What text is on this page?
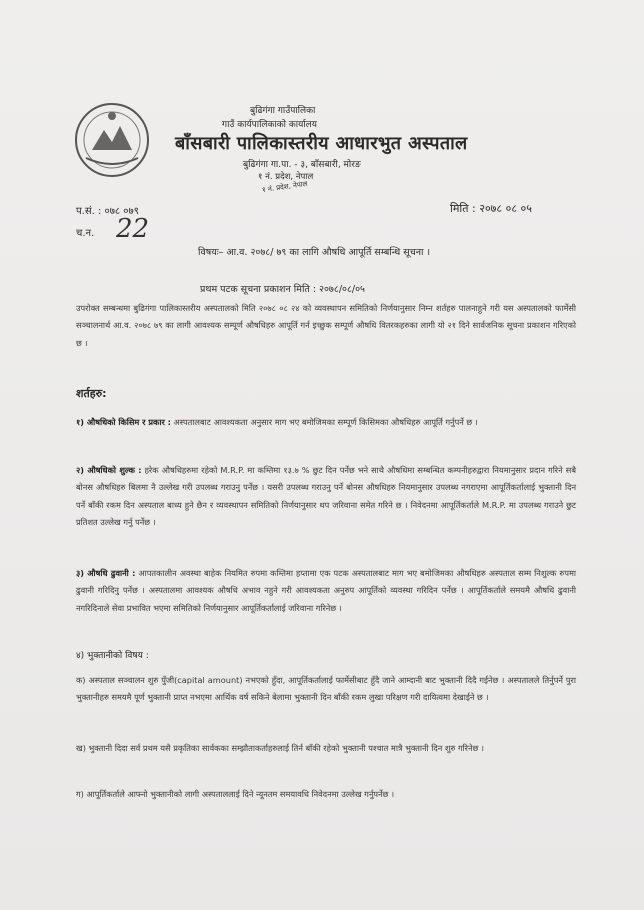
बुढिगंगा गाउँपालिका
गाउँ कार्यपालिकाको कार्यालय
बाँसबारी पालिकास्तरीय आधारभुत अस्पताल
बुढिगंगा गा.पा. - ३, बाँसबारी, मोरङ
१ नं. प्रदेश, नेपाल
१ नं. प्रदेश, नेपाल
प.सं. : ०७८ ०७९	मिति : २०७८ ०८ ०५
च.न. 22
विषयः– आ.व. २०७८/ ७९ का लागि औषधि आपूर्ति सम्बन्धि सूचना ।
प्रथम पटक सूचना प्रकाशन मिति : २०७८/०८/०५
उपरोक्त सम्बन्धमा बुढिगंगा पालिकास्तरीय अस्पतालको मिति २०७८ ०८ २४ को व्यवस्थापन समितिको निर्णयानुसार निम्न शर्तहरु पालनाहुने गरी यस अस्पतालको फार्मेसी सञ्चालनार्थ आ.व. २०७८ ७९ का लागी आवश्यक सम्पूर्ण औषधिहरु आपूर्ति गर्न इच्छुक सम्पूर्ण औषधि वितरकहरुका लागी यो २१ दिने सार्वजनिक सूचना प्रकाशन गरिएको छ ।
शर्तहरु:
१) औषधिको किसिम र प्रकार : अस्पतालबाट आवश्यकता अनुसार माग भए बमोजिमका सम्पूर्ण किसिमका औषधिहरु आपूर्ति गर्नुपर्ने छ ।
२) औषधिको शुल्क : हरेक औषधिहरुमा रहेको M.R.P. मा कम्तिमा १३.७ % छुट दिन पर्नेछ भने साथै औषधिमा सम्बन्धित कम्पनीहरुद्वारा नियमानुसार प्रदान गरिने सबै बोनस औषधिहरु बिलमा नै उल्लेख गरी उपलब्ध गराउनु पर्नेछ । यसरी उपलब्ध गराउनु पर्ने बोनस औषधिहरु नियमानुसार उपलब्ध नगराएमा आपूर्तिकर्तालाई भुक्तानी दिन पर्ने बाँकी रकम दिन अस्पताल बाध्य हुने छैन र व्यवस्थापन समितिको निर्णयानुसार थप जरिवाना समेत गरिने छ । निवेदनमा आपूर्तिकर्ताले M.R.P. मा उपलब्ध गराउने छुट प्रतिशत उल्लेख गर्नु पर्नेछ ।
३) औषधि ढुवानी : आपतकालीन अवस्था बाहेक नियमित रुपमा कम्तिमा हप्तामा एक पटक अस्पतालबाट माग भए बमोजिमका औषधिहरु अस्पताल सम्म निशुल्क रुपमा ढुवानी गरिदिनु पर्नेछ । अस्पतालमा आवश्यक औषधि अभाव नहुने गरी आवश्यकता अनुरुप आपूर्तिको व्यवस्था गरिदिन पर्नेछ । आपूर्तिकर्ताले समयमै औषधि ढुवानी नगरिदिनाले सेवा प्रभावित भएमा समितिको निर्णयानुसार आपूर्तिकर्तालाई जरिवाना गरिनेछ ।
४) भुक्तानीको विषय :
क) अस्पताल सञ्चालन शुरु पुँजी(capital amount) नभएको हुँदा, आपूर्तिकर्तालाई फार्मेसीबाट हुँदै जाने आम्दानी बाट भुक्तानी दिदै गईनेछ । अस्पतालले तिर्नुपर्ने पुरा भुक्तानीहरु समयमै पूर्ण भुक्तानी प्राप्त नभएमा आर्थिक वर्ष सकिने बेलामा भुक्तानी दिन बाँकी रकम लुखा परिक्षण गरी दायित्वमा देखाईने छ ।
ख) भुक्तानी दिदा सर्व प्रथम यसै प्रकृतिका सार्वकका सम्झौताकर्ताहरुलाई तिर्न बाँकी रहेको भुक्तानी पश्चात मात्रै भुक्तानी दिन शुरु गरिनेछ ।
ग) आपूर्तिकर्ताले आफ्नो भुक्तानीको लागी अस्पताललाई दिने न्यूनतम समयावधि निवेदनमा उल्लेख गर्नुपर्नेछ ।
